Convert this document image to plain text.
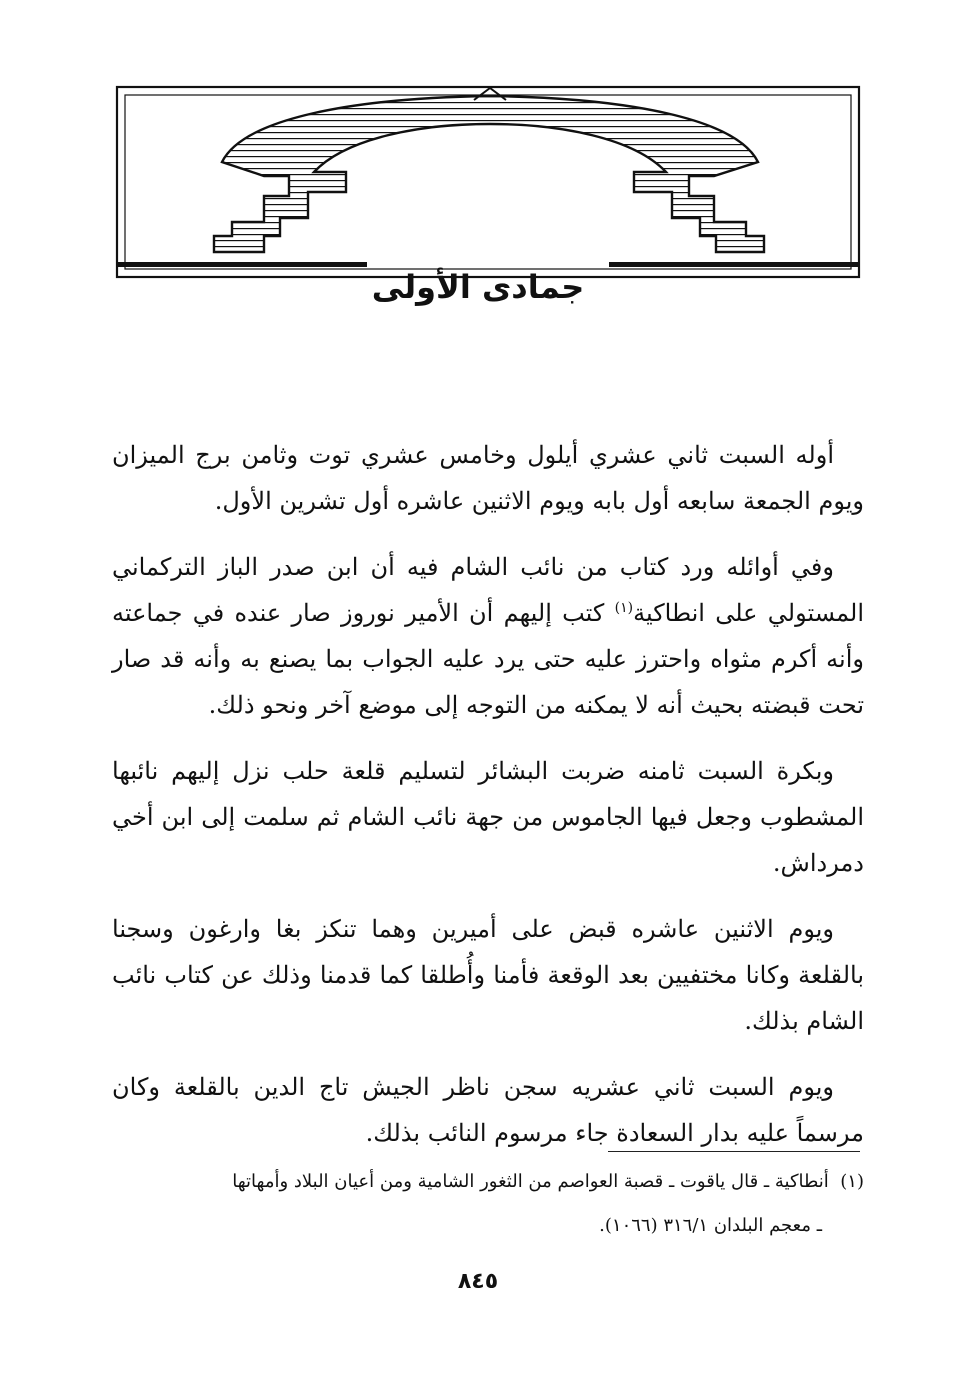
جمادى الأولى

أوله السبت ثاني عشري أيلول وخامس عشري توت وثامن برج الميزان ويوم الجمعة سابعه أول بابه ويوم الاثنين عاشره أول تشرين الأول.

وفي أوائله ورد كتاب من نائب الشام فيه أن ابن صدر الباز التركماني المستولي على انطاكية$^{(١)}$ كتب إليهم أن الأمير نوروز صار عنده في جماعته وأنه أكرم مثواه واحترز عليه حتى يرد عليه الجواب بما يصنع به وأنه قد صار تحت قبضته بحيث أنه لا يمكنه من التوجه إلى موضع آخر ونحو ذلك.

وبكرة السبت ثامنه ضربت البشائر لتسليم قلعة حلب نزل إليهم نائبها المشطوب وجعل فيها الجاموس من جهة نائب الشام ثم سلمت إلى ابن أخي دمرداش.

ويوم الاثنين عاشره قبض على أميرين وهما تنكز بغا وارغون وسجنا بالقلعة وكانا مختفيين بعد الوقعة فأمنا وأُطلقا كما قدمنا وذلك عن كتاب نائب الشام بذلك.

ويوم السبت ثاني عشريه سجن ناظر الجيش تاج الدين بالقلعة وكان مرسماً عليه بدار السعادة جاء مرسوم النائب بذلك.

(١)  أنطاكية ـ قال ياقوت ـ قصبة العواصم من الثغور الشامية ومن أعيان البلاد وأمهاتها

ـ معجم البلدان ٣١٦/١ (١٠٦٦).

٨٤٥
